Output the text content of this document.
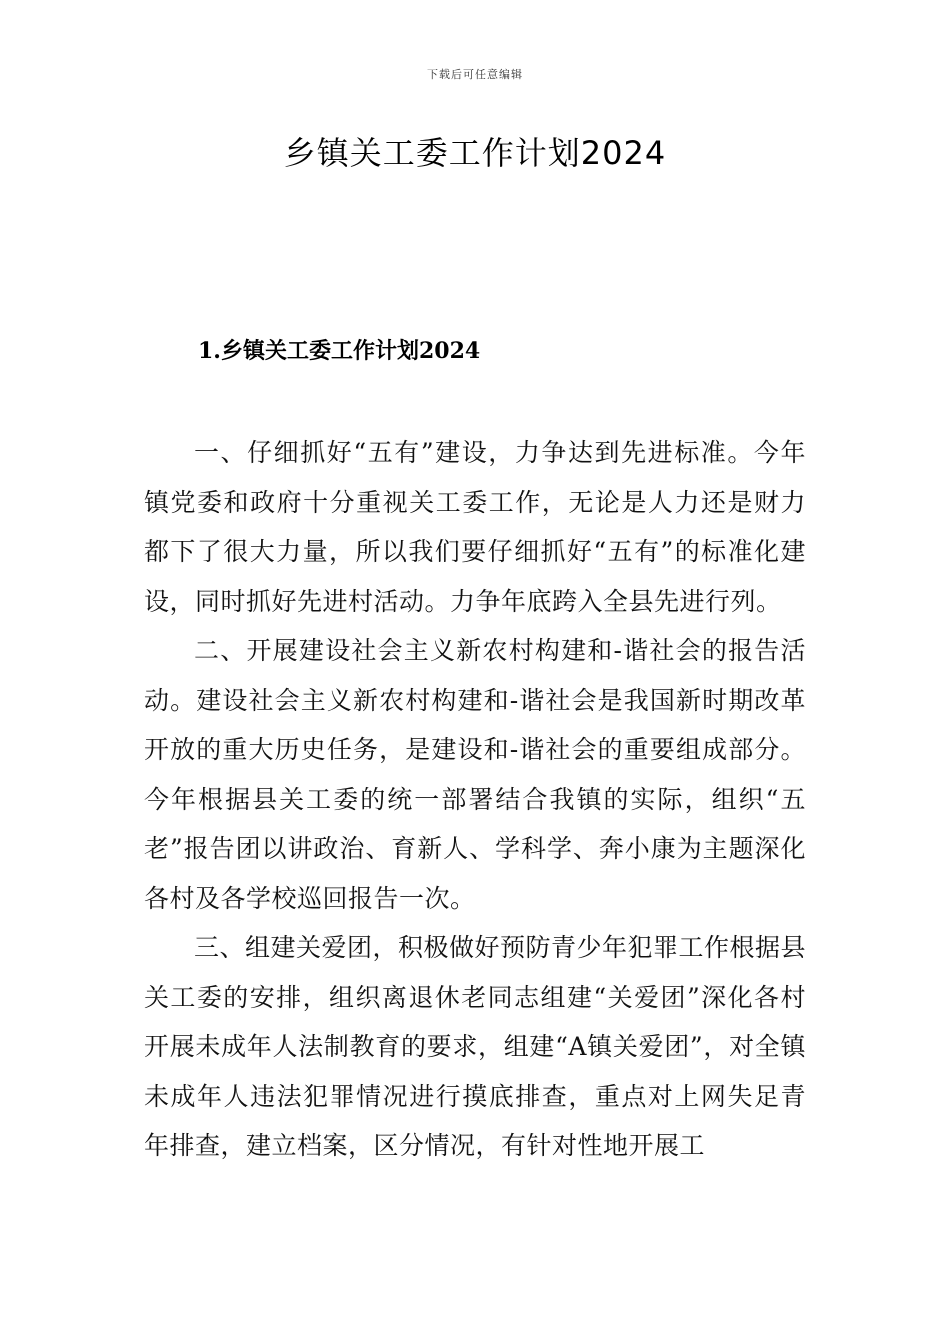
下载后可任意编辑
乡镇关工委工作计划2024
1.乡镇关工委工作计划2024

一、仔细抓好“五有”建设，力争达到先进标准。今年镇党委和政府十分重视关工委工作，无论是人力还是财力都下了很大力量，所以我们要仔细抓好“五有”的标准化建设，同时抓好先进村活动。力争年底跨入全县先进行列。

二、开展建设社会主义新农村构建和-谐社会的报告活动。建设社会主义新农村构建和-谐社会是我国新时期改革开放的重大历史任务，是建设和-谐社会的重要组成部分。今年根据县关工委的统一部署结合我镇的实际，组织“五老”报告团以讲政治、育新人、学科学、奔小康为主题深化各村及各学校巡回报告一次。

三、组建关爱团，积极做好预防青少年犯罪工作根据县关工委的安排，组织离退休老同志组建“关爱团”深化各村开展未成年人法制教育的要求，组建“A镇关爱团”，对全镇未成年人违法犯罪情况进行摸底排查，重点对上网失足青年排查，建立档案，区分情况，有针对性地开展工
